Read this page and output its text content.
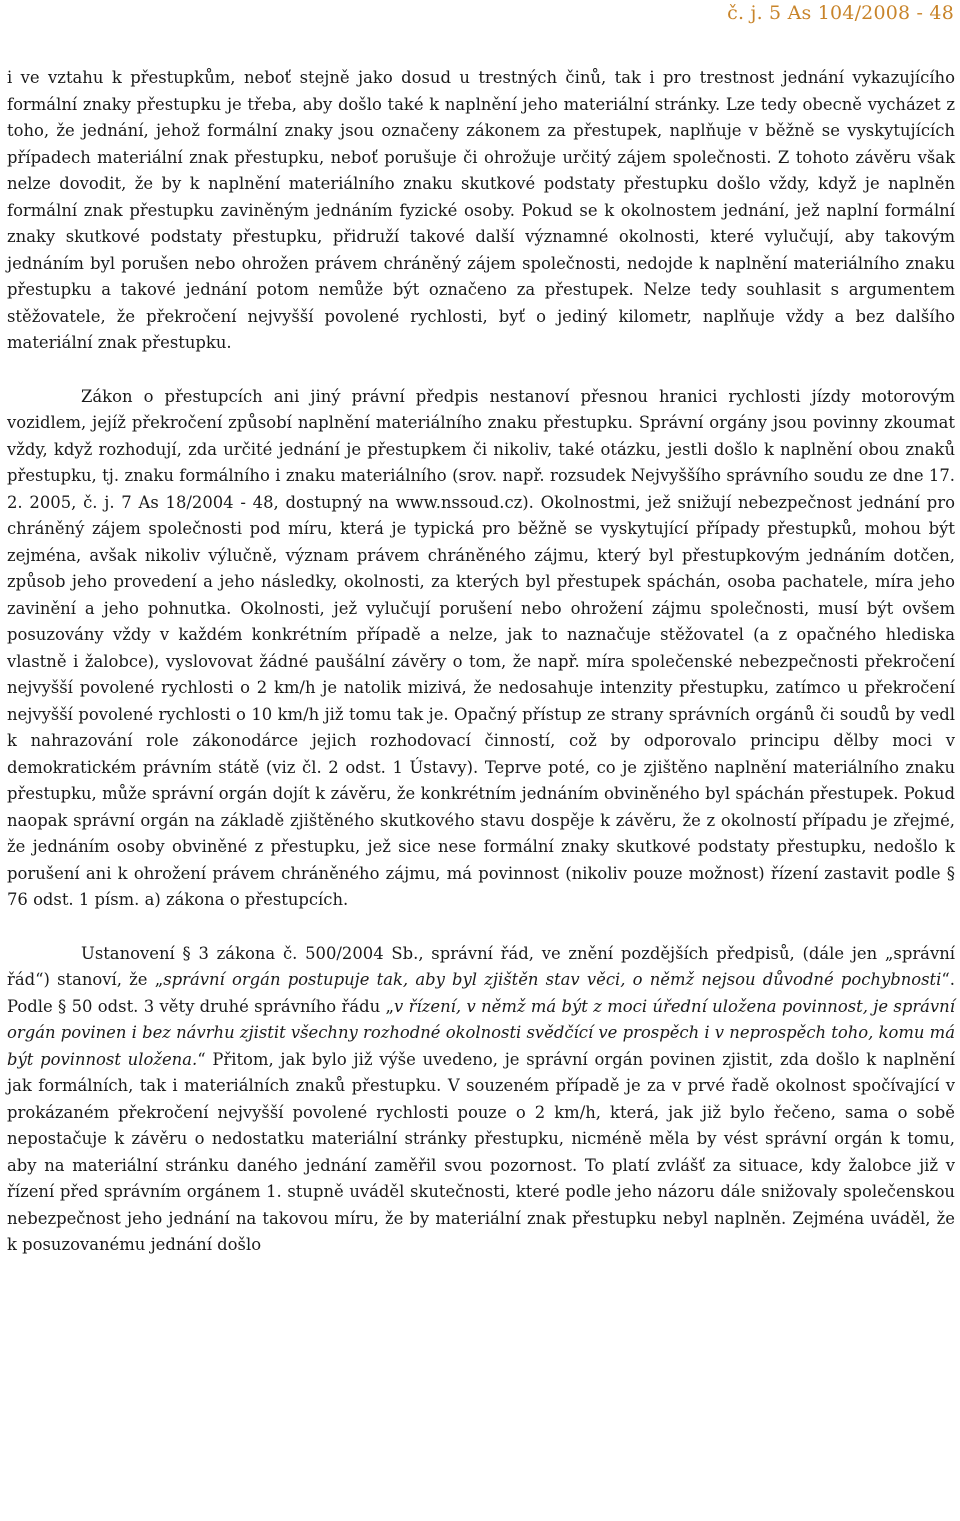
č. j. 5 As 104/2008 - 48

i ve vztahu k přestupkům, neboť stejně jako dosud u trestných činů, tak i pro trestnost jednání vykazujícího formální znaky přestupku je třeba, aby došlo také k naplnění jeho materiální stránky. Lze tedy obecně vycházet z toho, že jednání, jehož formální znaky jsou označeny zákonem za přestupek, naplňuje v běžně se vyskytujících případech materiální znak přestupku, neboť porušuje či ohrožuje určitý zájem společnosti. Z tohoto závěru však nelze dovodit, že by k naplnění materiálního znaku skutkové podstaty přestupku došlo vždy, když je naplněn formální znak přestupku zaviněným jednáním fyzické osoby. Pokud se k okolnostem jednání, jež naplní formální znaky skutkové podstaty přestupku, přidruží takové další významné okolnosti, které vylučují, aby takovým jednáním byl porušen nebo ohrožen právem chráněný zájem společnosti, nedojde k naplnění materiálního znaku přestupku a takové jednání potom nemůže být označeno za přestupek. Nelze tedy souhlasit s argumentem stěžovatele, že překročení nejvyšší povolené rychlosti, byť o jediný kilometr, naplňuje vždy a bez dalšího materiální znak přestupku.

Zákon o přestupcích ani jiný právní předpis nestanoví přesnou hranici rychlosti jízdy motorovým vozidlem, jejíž překročení způsobí naplnění materiálního znaku přestupku. Správní orgány jsou povinny zkoumat vždy, když rozhodují, zda určité jednání je přestupkem či nikoliv, také otázku, jestli došlo k naplnění obou znaků přestupku, tj. znaku formálního i znaku materiálního (srov. např. rozsudek Nejvyššího správního soudu ze dne 17. 2. 2005, č. j. 7 As 18/2004 - 48, dostupný na www.nssoud.cz). Okolnostmi, jež snižují nebezpečnost jednání pro chráněný zájem společnosti pod míru, která je typická pro běžně se vyskytující případy přestupků, mohou být zejména, avšak nikoliv výlučně, význam právem chráněného zájmu, který byl přestupkovým jednáním dotčen, způsob jeho provedení a jeho následky, okolnosti, za kterých byl přestupek spáchán, osoba pachatele, míra jeho zavinění a jeho pohnutka. Okolnosti, jež vylučují porušení nebo ohrožení zájmu společnosti, musí být ovšem posuzovány vždy v každém konkrétním případě a nelze, jak to naznačuje stěžovatel (a z opačného hlediska vlastně i žalobce), vyslovovat žádné paušální závěry o tom, že např. míra společenské nebezpečnosti překročení nejvyšší povolené rychlosti o 2 km/h je natolik mizivá, že nedosahuje intenzity přestupku, zatímco u překročení nejvyšší povolené rychlosti o 10 km/h již tomu tak je. Opačný přístup ze strany správních orgánů či soudů by vedl k nahrazování role zákonodárce jejich rozhodovací činností, což by odporovalo principu dělby moci v demokratickém právním státě (viz čl. 2 odst. 1 Ústavy). Teprve poté, co je zjištěno naplnění materiálního znaku přestupku, může správní orgán dojít k závěru, že konkrétním jednáním obviněného byl spáchán přestupek. Pokud naopak správní orgán na základě zjištěného skutkového stavu dospěje k závěru, že z okolností případu je zřejmé, že jednáním osoby obviněné z přestupku, jež sice nese formální znaky skutkové podstaty přestupku, nedošlo k porušení ani k ohrožení právem chráněného zájmu, má povinnost (nikoliv pouze možnost) řízení zastavit podle § 76 odst. 1 písm. a) zákona o přestupcích.

Ustanovení § 3 zákona č. 500/2004 Sb., správní řád, ve znění pozdějších předpisů, (dále jen „správní řád“) stanoví, že „správní orgán postupuje tak, aby byl zjištěn stav věci, o němž nejsou důvodné pochybnosti“. Podle § 50 odst. 3 věty druhé správního řádu „v řízení, v němž má být z moci úřední uložena povinnost, je správní orgán povinen i bez návrhu zjistit všechny rozhodné okolnosti svědčící ve prospěch i v neprospěch toho, komu má být povinnost uložena.“ Přitom, jak bylo již výše uvedeno, je správní orgán povinen zjistit, zda došlo k naplnění jak formálních, tak i materiálních znaků přestupku. V souzeném případě je za v prvé řadě okolnost spočívající v prokázaném překročení nejvyšší povolené rychlosti pouze o 2 km/h, která, jak již bylo řečeno, sama o sobě nepostačuje k závěru o nedostatku materiální stránky přestupku, nicméně měla by vést správní orgán k tomu, aby na materiální stránku daného jednání zaměřil svou pozornost. To platí zvlášť za situace, kdy žalobce již v řízení před správním orgánem 1. stupně uváděl skutečnosti, které podle jeho názoru dále snižovaly společenskou nebezpečnost jeho jednání na takovou míru, že by materiální znak přestupku nebyl naplněn. Zejména uváděl, že k posuzovanému jednání došlo
